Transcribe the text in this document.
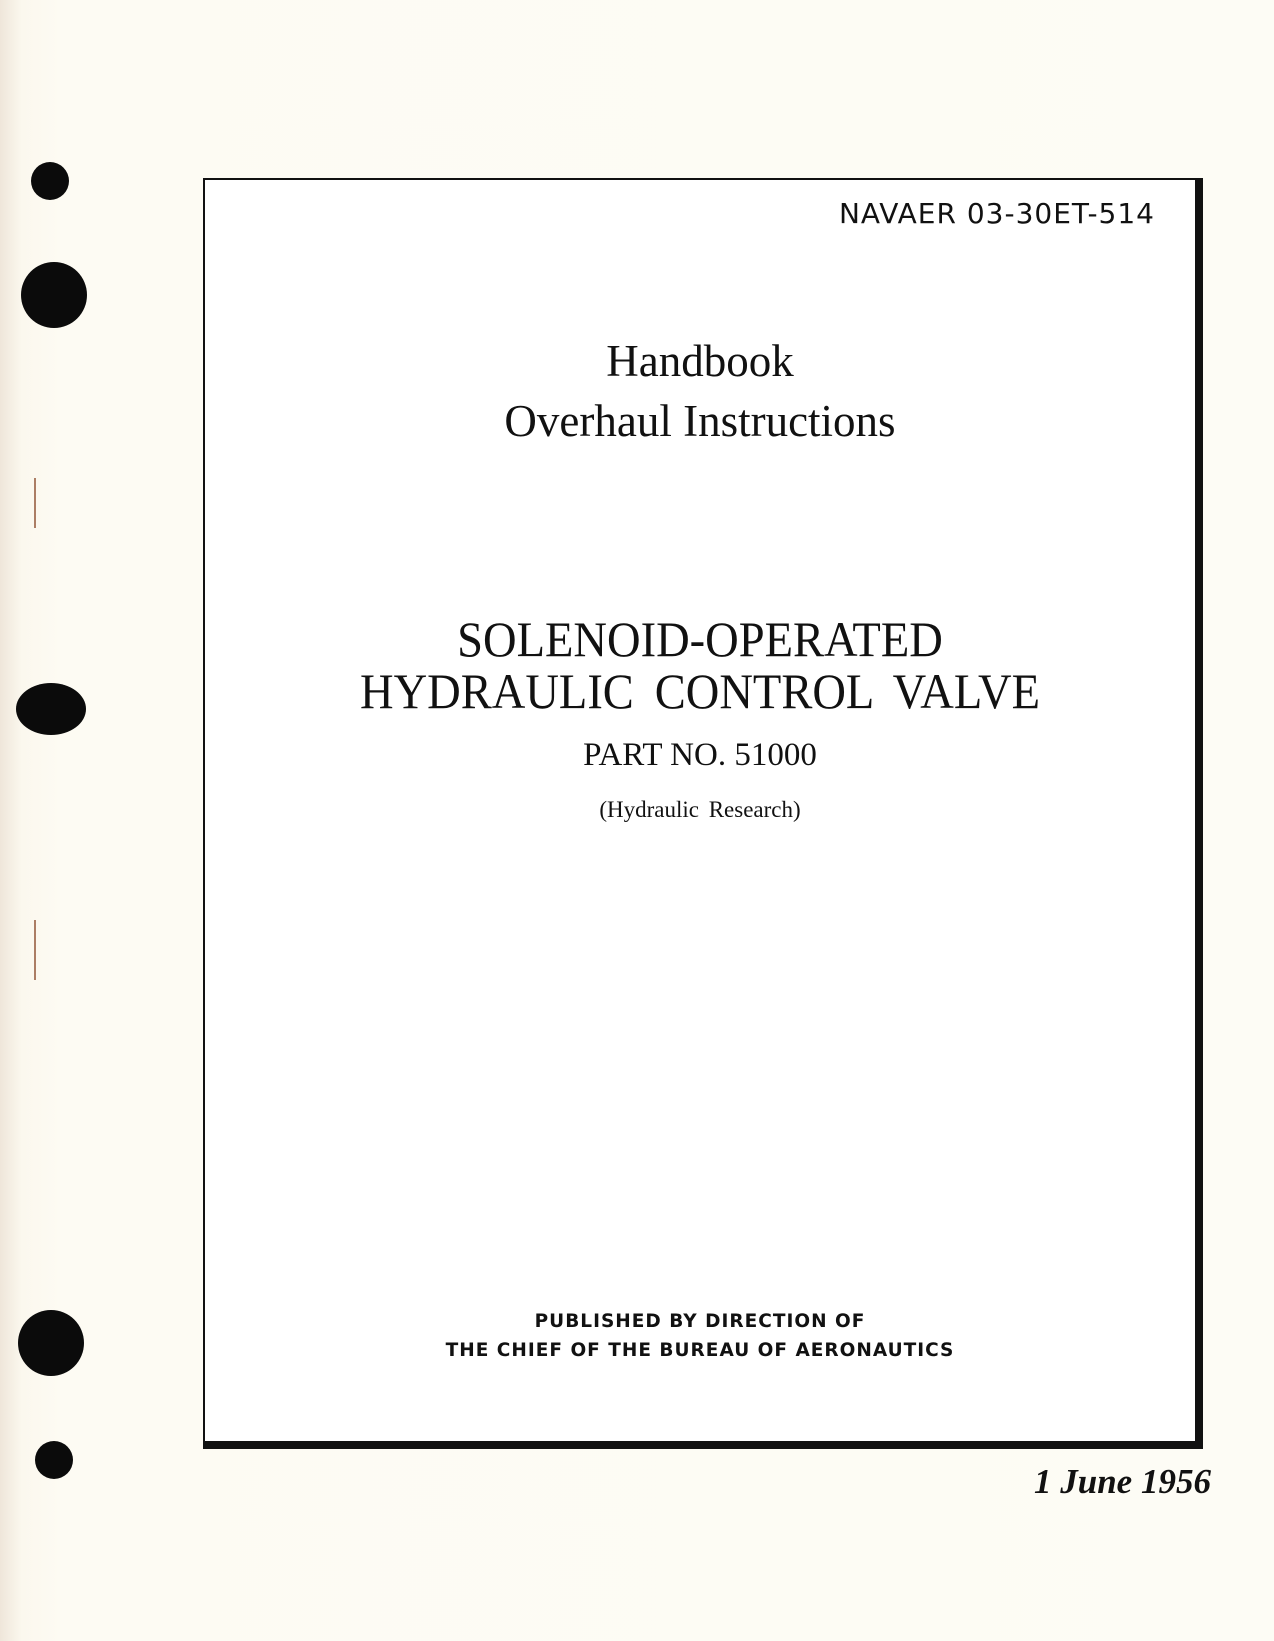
NAVAER 03-30ET-514
Handbook
Overhaul Instructions
SOLENOID-OPERATED
HYDRAULIC CONTROL VALVE
PART NO. 51000
(Hydraulic Research)
PUBLISHED BY DIRECTION OF
THE CHIEF OF THE BUREAU OF AERONAUTICS
1 June 1956
